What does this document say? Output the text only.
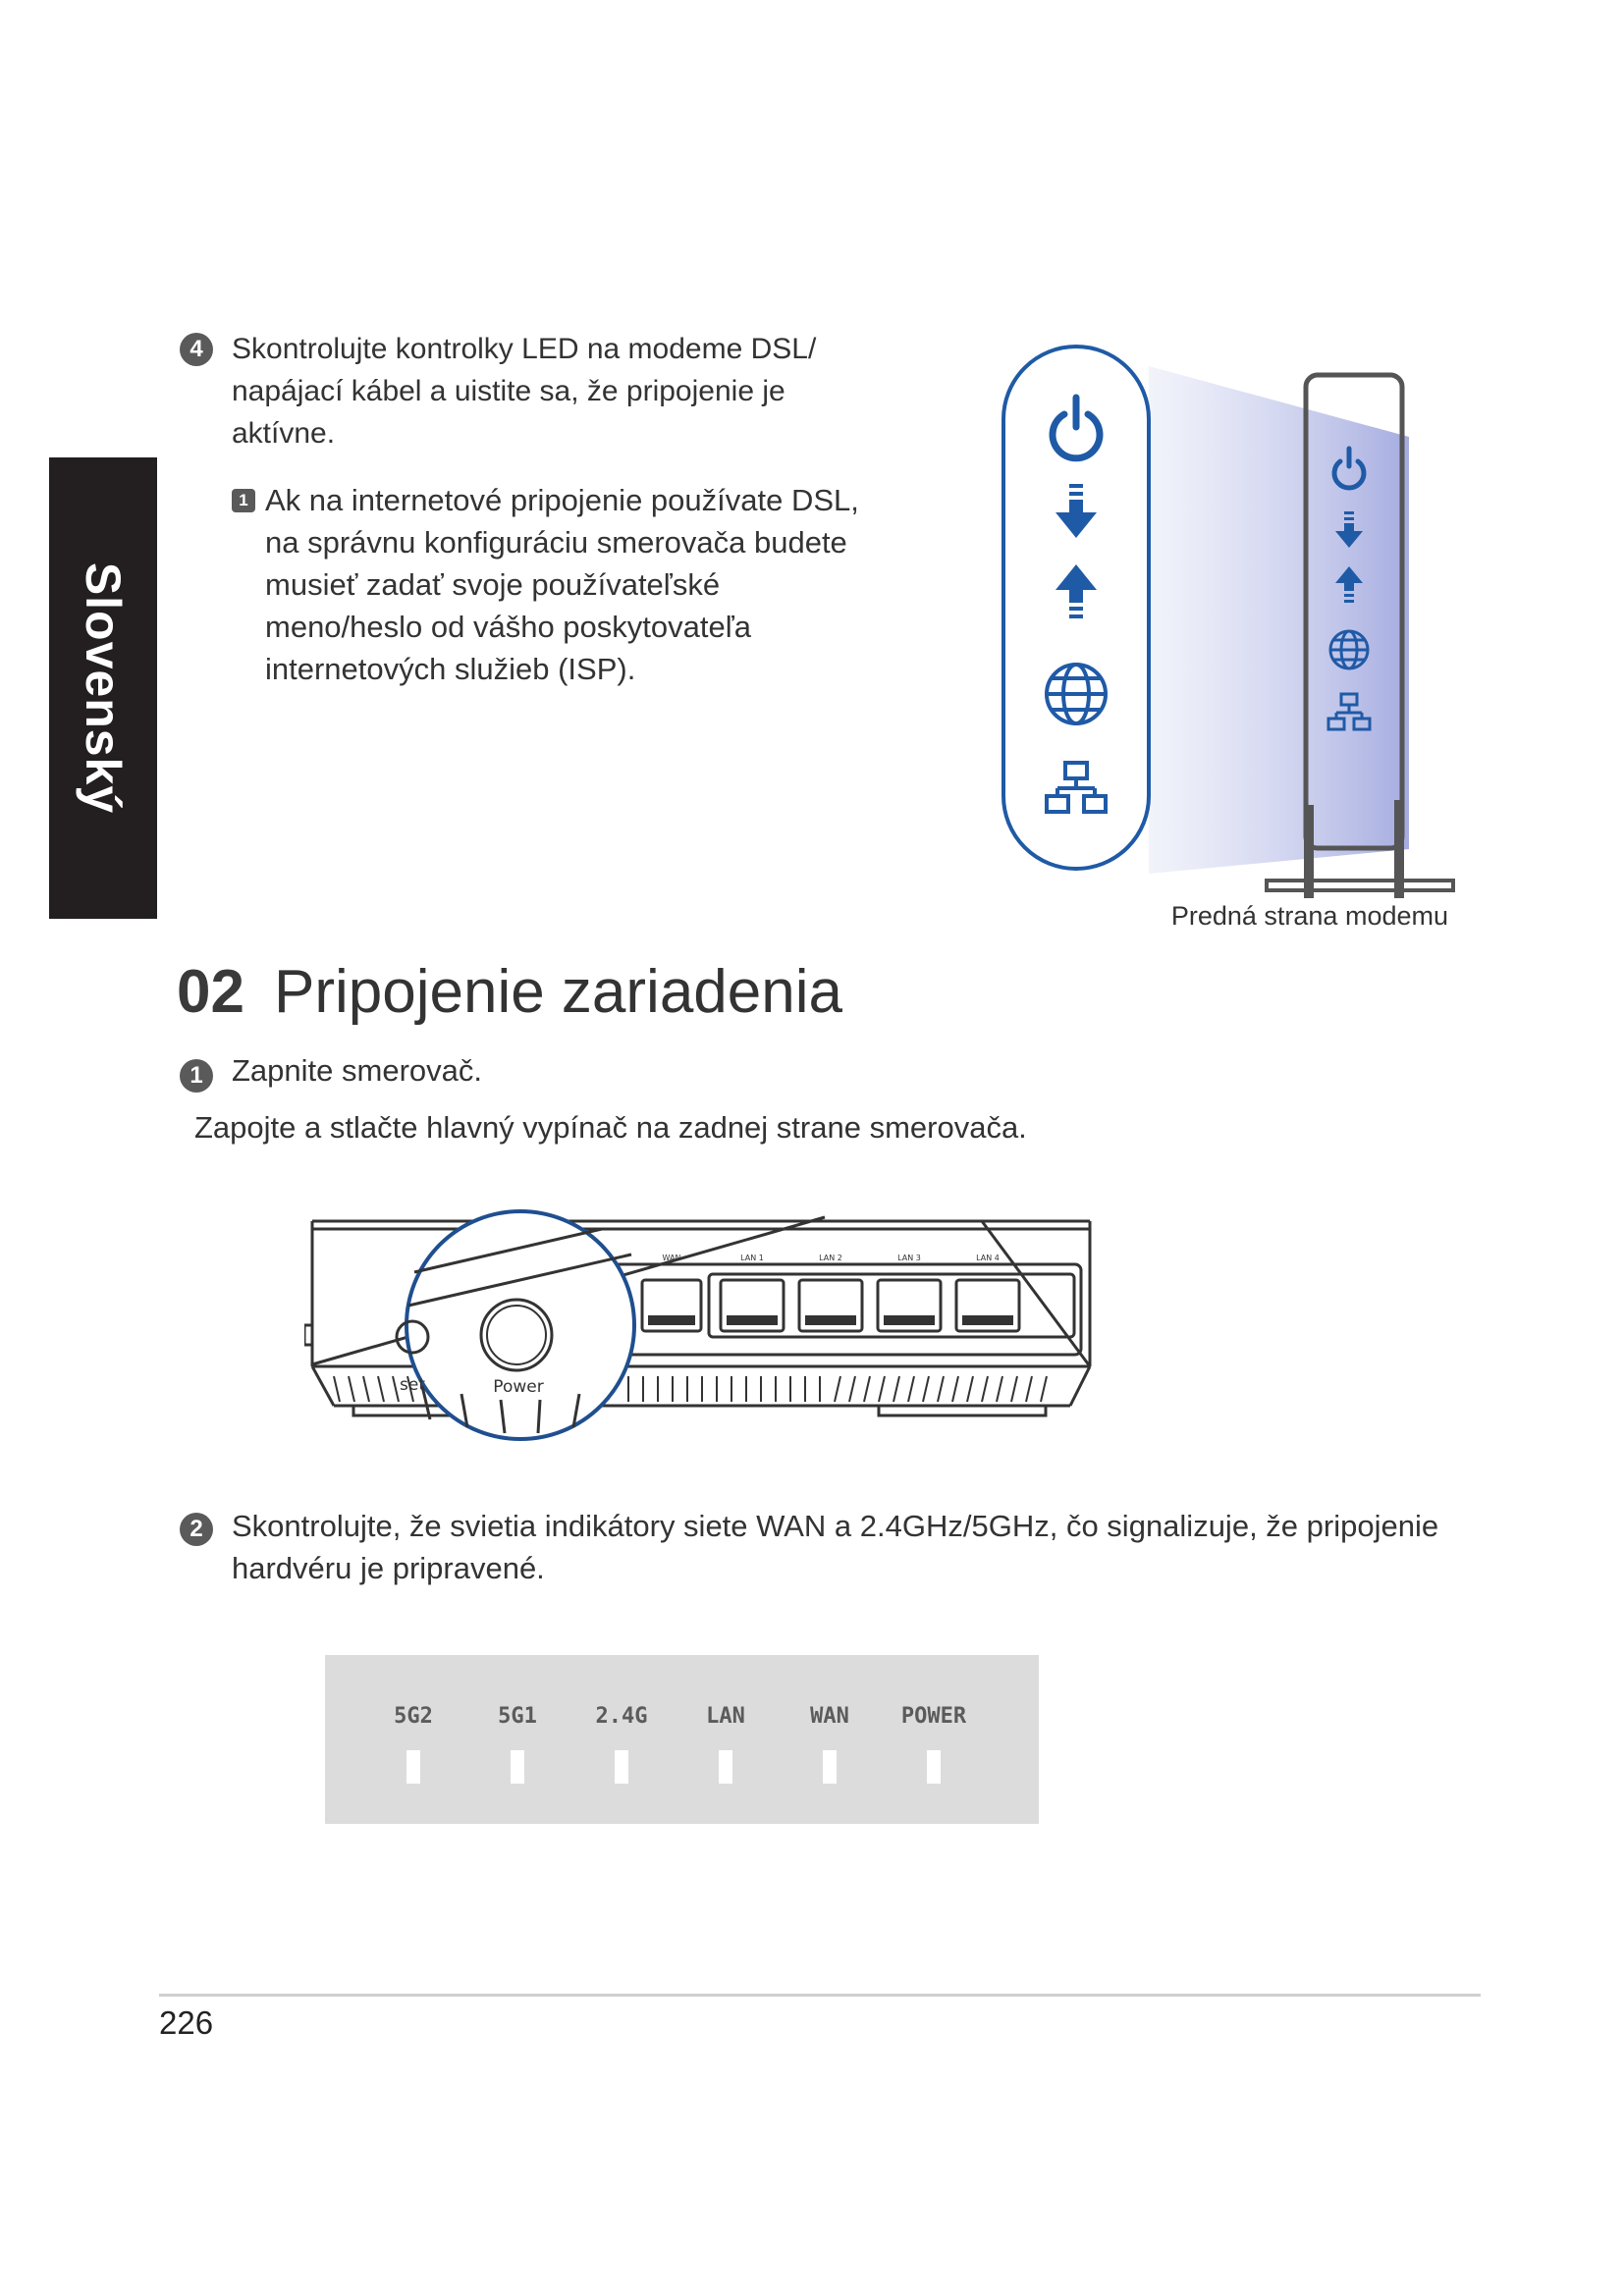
Slovenský
4 Skontrolujte kontrolky LED na modeme DSL/ napájací kábel a uistite sa, že pripojenie je aktívne.
1 Ak na internetové pripojenie používate DSL, na správnu konfiguráciu smerovača budete musieť zadať svoje používateľské meno/heslo od vášho poskytovateľa internetových služieb (ISP).
Predná strana modemu
02 Pripojenie zariadenia
1 Zapnite smerovač.
Zapojte a stlačte hlavný vypínač na zadnej strane smerovača.
WAN	LAN 1	LAN 2	LAN 3	LAN 4
set	Power
2 Skontrolujte, že svietia indikátory siete WAN a 2.4GHz/5GHz, čo signalizuje, že pripojenie hardvéru je pripravené.
5G2	5G1	2.4G	LAN	WAN	POWER
226
